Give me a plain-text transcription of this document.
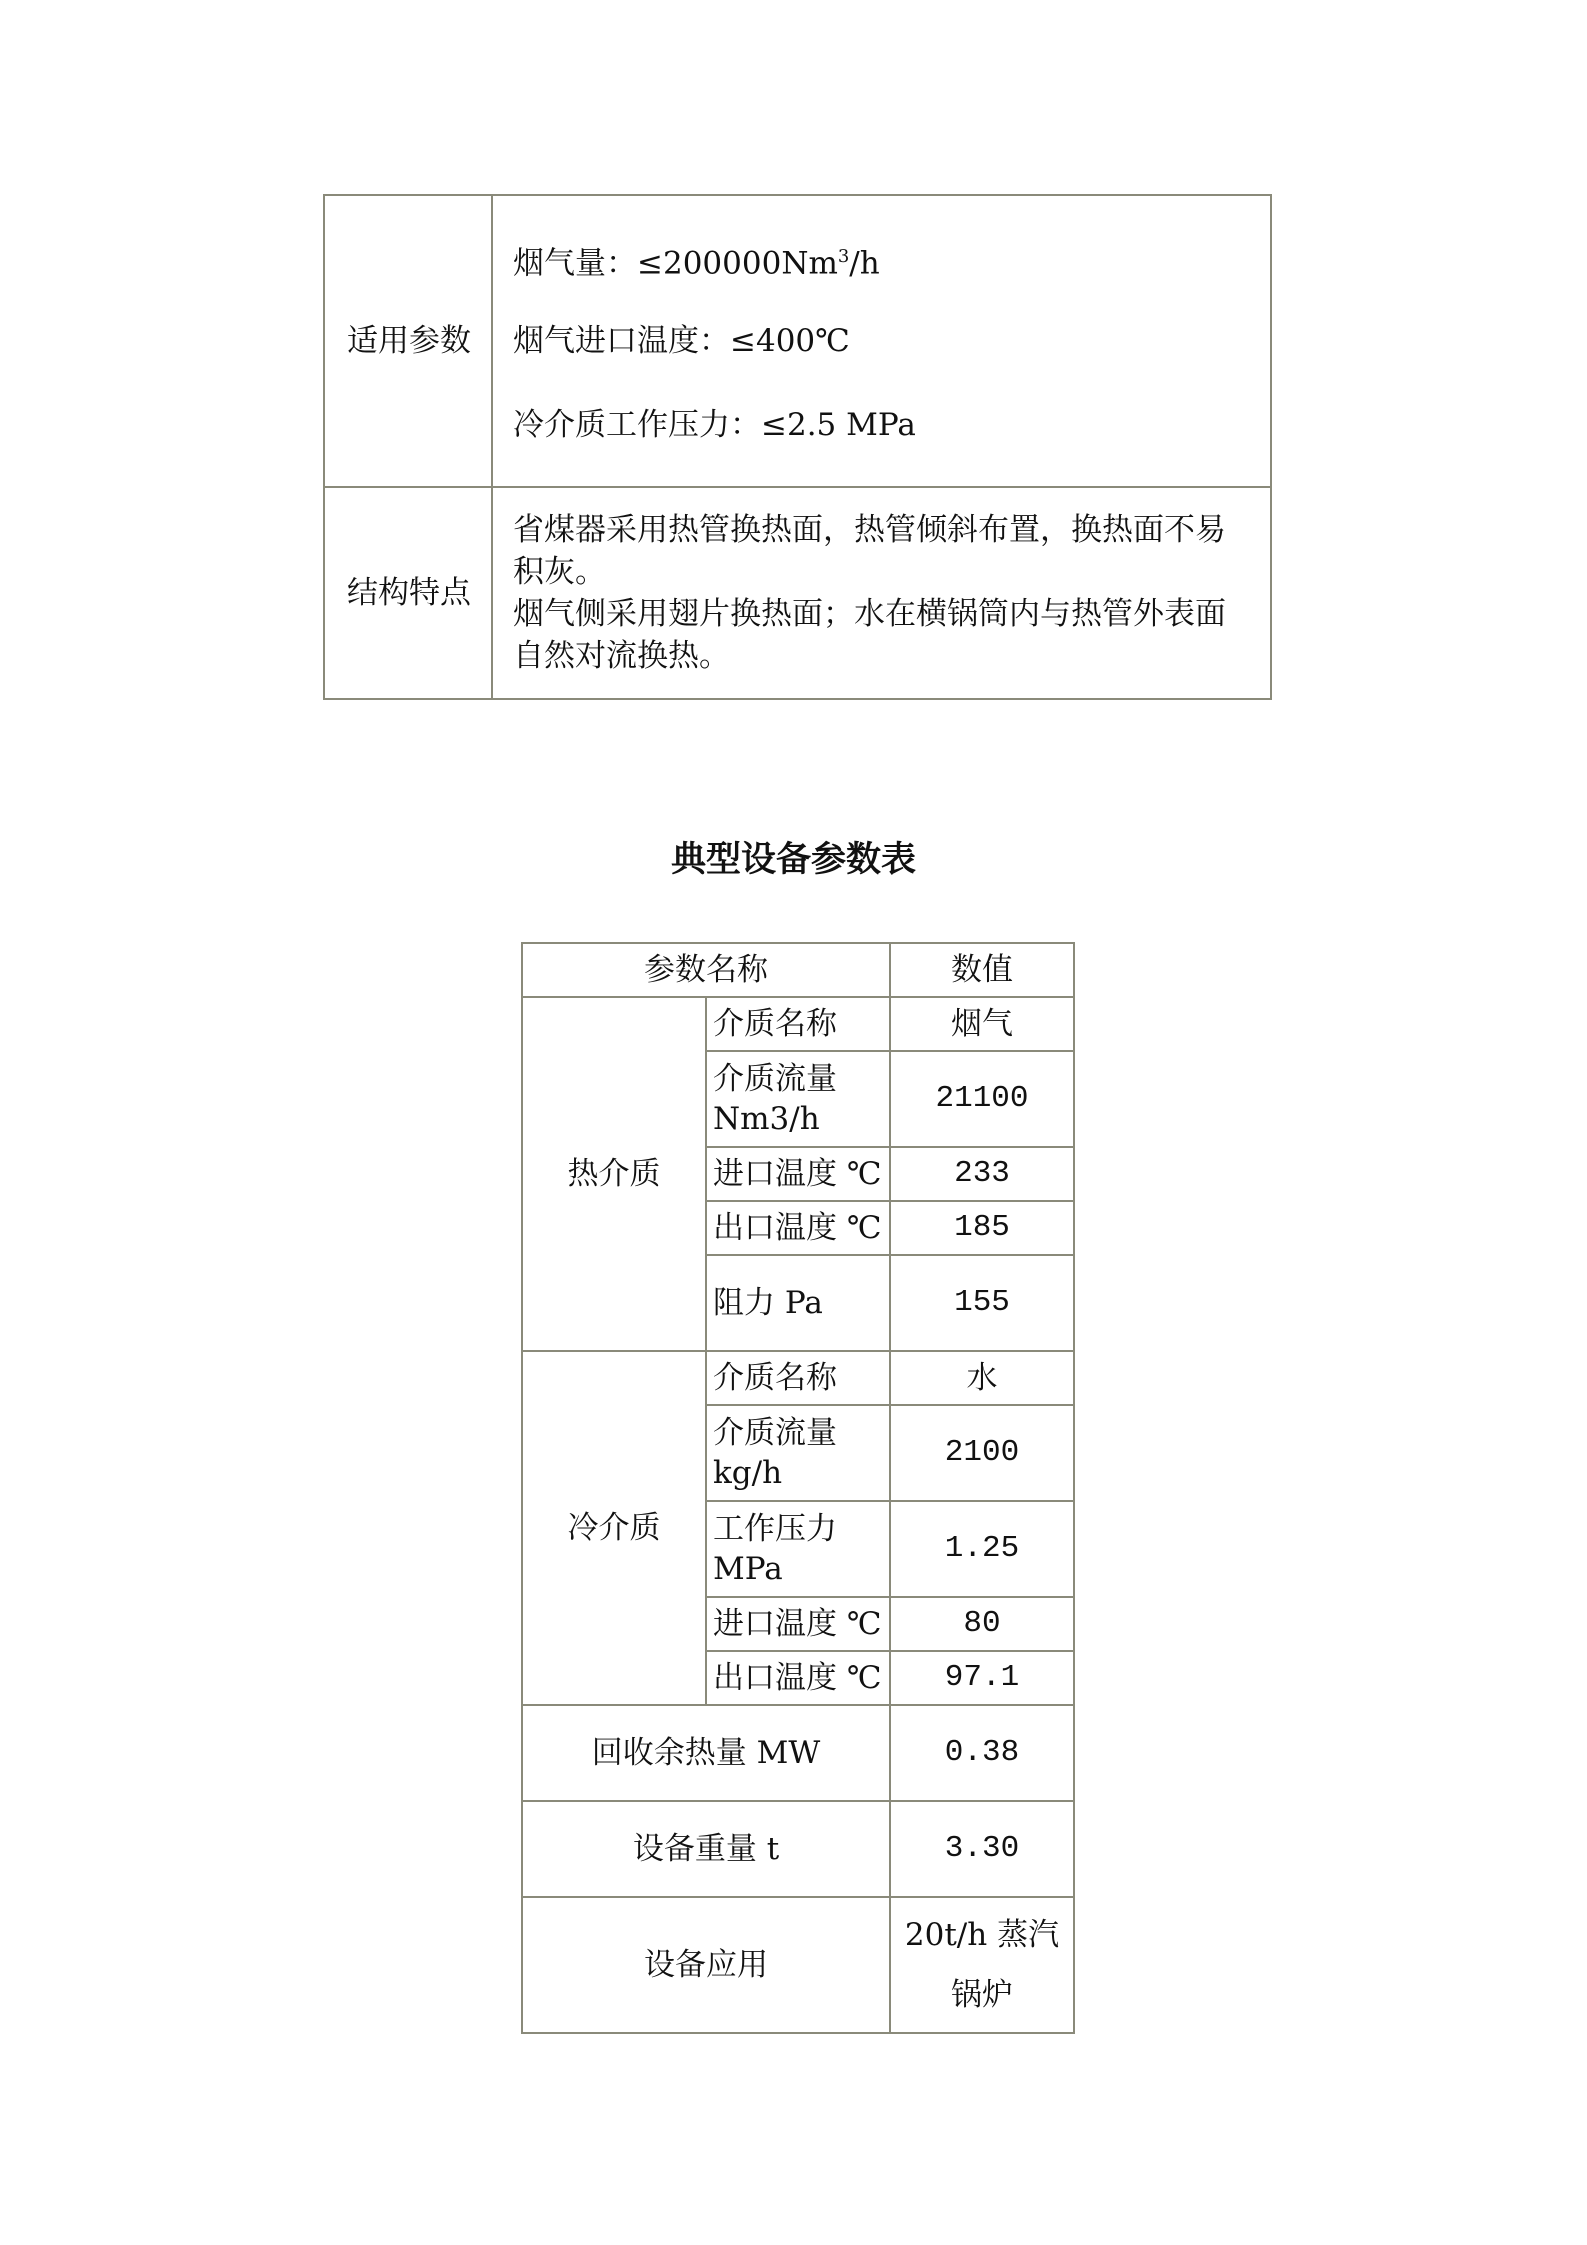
适用参数	烟气量：$\le 200000Nm^3/h$
烟气进口温度：≤400℃
冷介质工作压力：≤2.5 MPa

结构特点	省煤器采用热管换热面，热管倾斜布置，换热面不易积灰。
烟气侧采用翅片换热面；水在横锅筒内与热管外表面自然对流换热。
典型设备参数表
参数名称		数值
热介质	介质名称	烟气
	介质流量 Nm3/h	21100
	进口温度 ℃	233
	出口温度 ℃	185
	阻力 Pa	155
冷介质	介质名称	水
	介质流量 kg/h	2100
	工作压力 MPa	1.25
	进口温度 ℃	80
	出口温度 ℃	97.1
回收余热量 MW		0.38
设备重量 t		3.30
设备应用		20t/h 蒸汽锅炉
